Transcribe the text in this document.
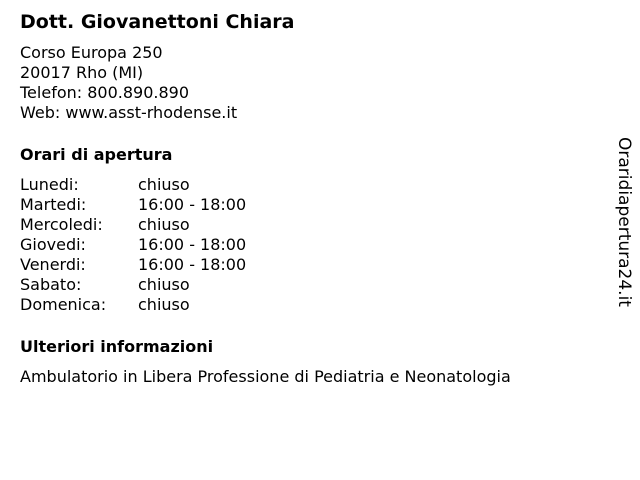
Dott. Giovanettoni Chiara
Corso Europa 250
20017 Rho (MI)
Telefon: 800.890.890
Web: www.asst-rhodense.it
Orari di apertura
Lunedi:	chiuso
Martedi:	16:00 - 18:00
Mercoledi:	chiuso
Giovedi:	16:00 - 18:00
Venerdi:	16:00 - 18:00
Sabato:	chiuso
Domenica:	chiuso
Ulteriori informazioni
Ambulatorio in Libera Professione di Pediatria e Neonatologia
Oraridiapertura24.it
